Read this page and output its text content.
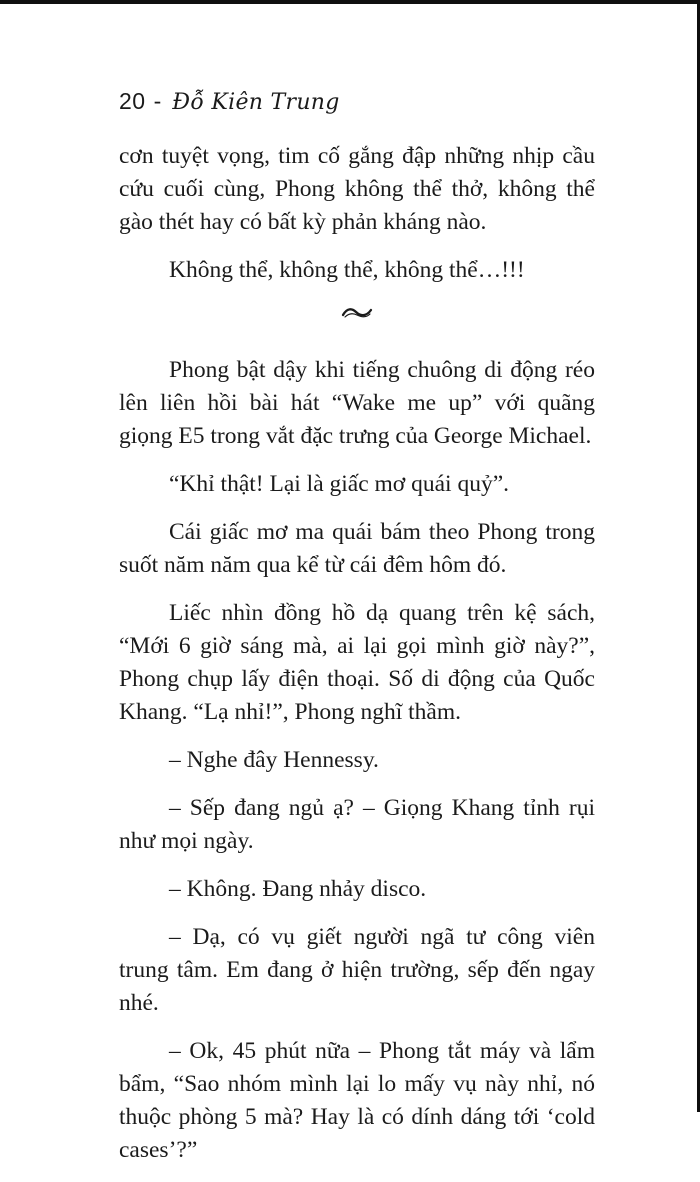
20 - Đỗ Kiên Trung

cơn tuyệt vọng, tim cố gắng đập những nhịp cầu cứu cuối cùng, Phong không thể thở, không thể gào thét hay có bất kỳ phản kháng nào.

Không thể, không thể, không thể…!!!

Phong bật dậy khi tiếng chuông di động réo lên liên hồi bài hát “Wake me up” với quãng giọng E5 trong vắt đặc trưng của George Michael.

“Khỉ thật! Lại là giấc mơ quái quỷ”.

Cái giấc mơ ma quái bám theo Phong trong suốt năm năm qua kể từ cái đêm hôm đó.

Liếc nhìn đồng hồ dạ quang trên kệ sách, “Mới 6 giờ sáng mà, ai lại gọi mình giờ này?”, Phong chụp lấy điện thoại. Số di động của Quốc Khang. “Lạ nhỉ!”, Phong nghĩ thầm.

– Nghe đây Hennessy.

– Sếp đang ngủ ạ? – Giọng Khang tỉnh rụi như mọi ngày.

– Không. Đang nhảy disco.

– Dạ, có vụ giết người ngã tư công viên trung tâm. Em đang ở hiện trường, sếp đến ngay nhé.

– Ok, 45 phút nữa – Phong tắt máy và lẩm bẩm, “Sao nhóm mình lại lo mấy vụ này nhỉ, nó thuộc phòng 5 mà? Hay là có dính dáng tới ‘cold cases’?”
